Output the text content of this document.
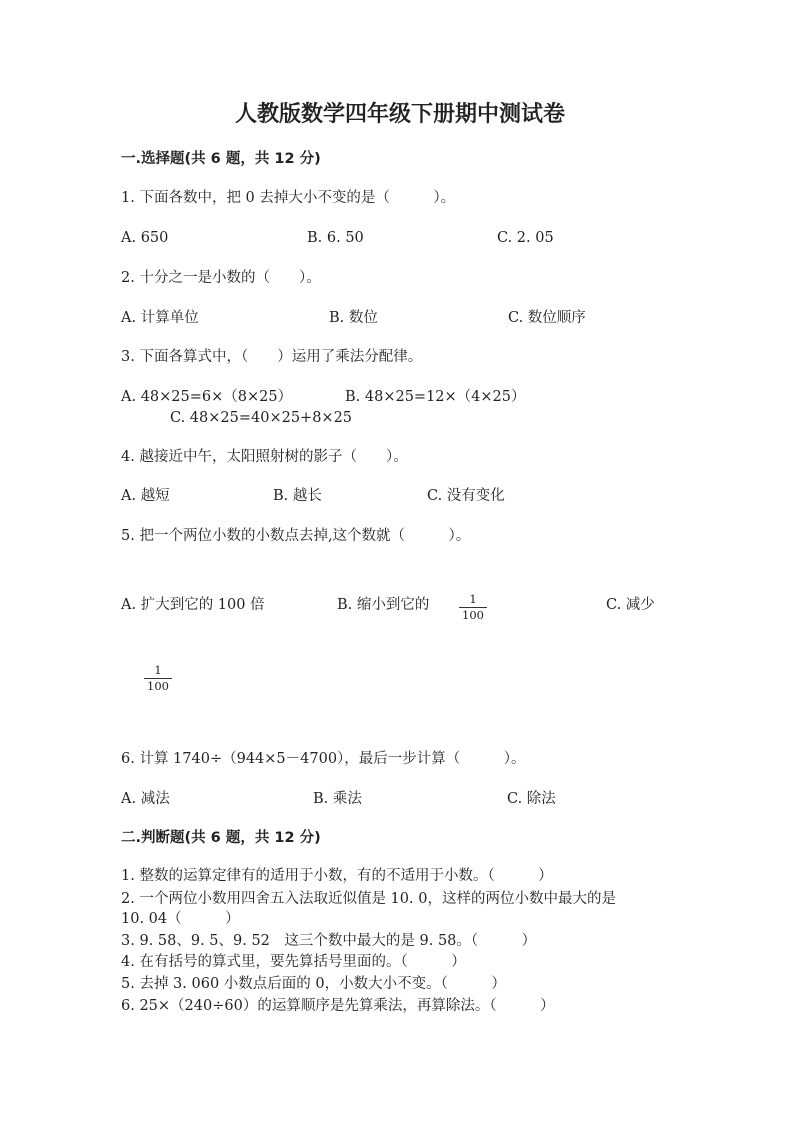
人教版数学四年级下册期中测试卷
一.选择题(共 6 题，共 12 分)
1. 下面各数中，把 0 去掉大小不变的是（　　　）。
A. 650	B. 6. 50	C. 2. 05
2. 十分之一是小数的（　　）。
A. 计算单位	B. 数位	C. 数位顺序
3. 下面各算式中，（　　）运用了乘法分配律。
A. 48×25=6×（8×25）	B. 48×25=12×（4×25）
C. 48×25=40×25+8×25
4. 越接近中午，太阳照射树的影子（　　）。
A. 越短	B. 越长	C. 没有变化
5. 把一个两位小数的小数点去掉,这个数就（　　　）。
A. 扩大到它的 100 倍	B. 缩小到它的	1
100
C. 减少
1
100
6. 计算 1740÷（944×5－4700），最后一步计算（　　　）。
A. 减法	B. 乘法	C. 除法
二.判断题(共 6 题，共 12 分)
1. 整数的运算定律有的适用于小数，有的不适用于小数。（　　　）
2. 一个两位小数用四舍五入法取近似值是 10. 0，这样的两位小数中最大的是
10. 04（　　　）
3. 9. 58、9. 5、9. 52　这三个数中最大的是 9. 58。（　　　）
4. 在有括号的算式里，要先算括号里面的。（　　　）
5. 去掉 3. 060 小数点后面的 0，小数大小不变。（　　　）
6. 25×（240÷60）的运算顺序是先算乘法，再算除法。（　　　）
